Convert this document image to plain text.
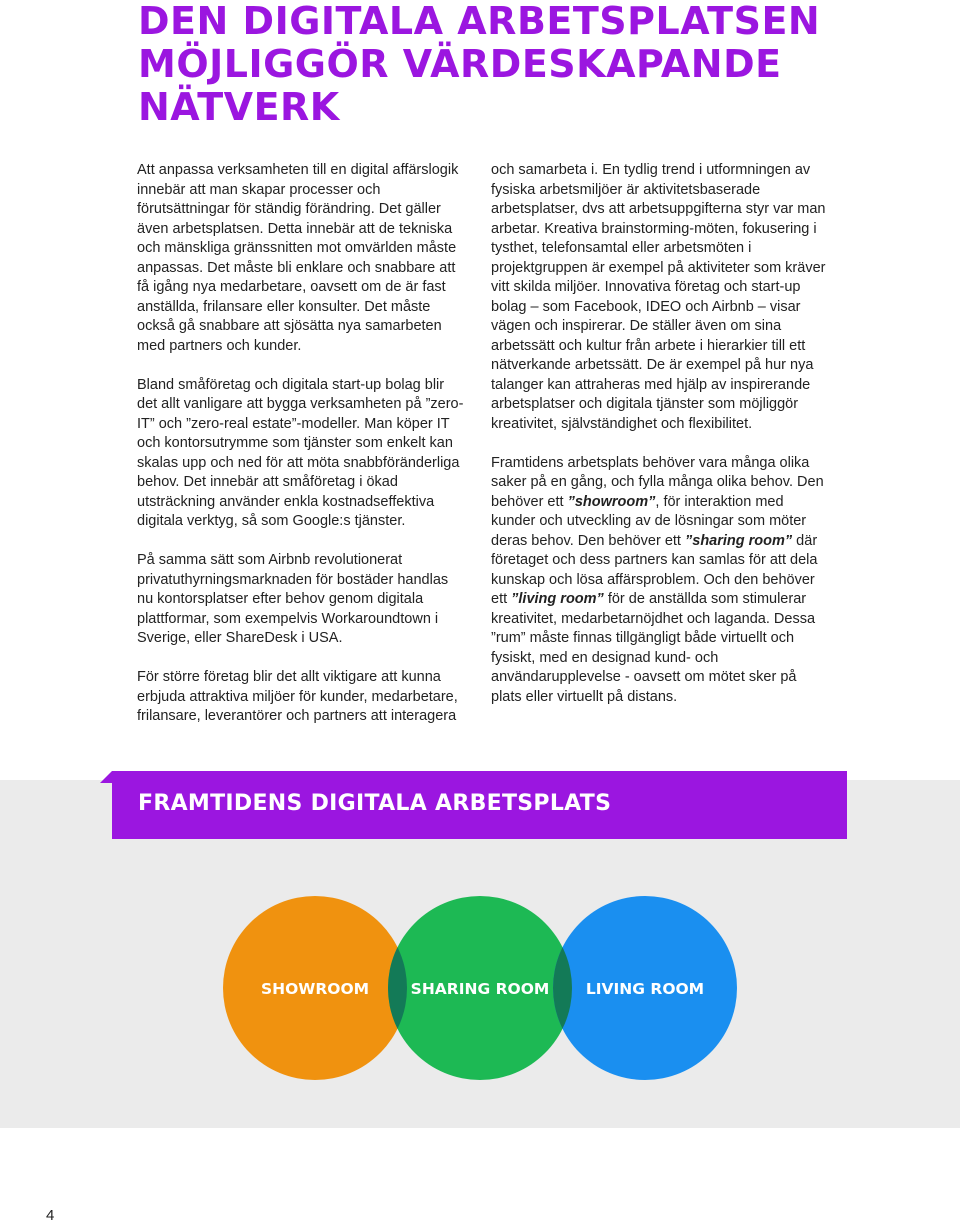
DEN DIGITALA ARBETSPLATSEN
MÖJLIGGÖR VÄRDESKAPANDE
NÄTVERK

Att anpassa verksamheten till en digital affärslogik innebär att man skapar processer och förutsättningar för ständig förändring. Det gäller även arbetsplatsen. Detta innebär att de tekniska och mänskliga gränssnitten mot omvärlden måste anpassas. Det måste bli enklare och snabbare att få igång nya medarbetare, oavsett om de är fast anställda, frilansare eller konsulter. Det måste också gå snabbare att sjösätta nya samarbeten med partners och kunder.

Bland småföretag och digitala start-up bolag blir det allt vanligare att bygga verksamheten på ”zero-IT” och ”zero-real estate”-modeller. Man köper IT och kontorsutrymme som tjänster som enkelt kan skalas upp och ned för att möta snabbföränderliga behov. Det innebär att småföretag i ökad utsträckning använder enkla kostnadseffektiva digitala verktyg, så som Google:s tjänster.

På samma sätt som Airbnb revolutionerat privatuthyrningsmarknaden för bostäder handlas nu kontorsplatser efter behov genom digitala plattformar, som exempelvis Workaroundtown i Sverige, eller ShareDesk i USA.

För större företag blir det allt viktigare att kunna erbjuda attraktiva miljöer för kunder, medarbetare, frilansare, leverantörer och partners att interagera

och samarbeta i. En tydlig trend i utformningen av fysiska arbetsmiljöer är aktivitetsbaserade arbetsplatser, dvs att arbetsuppgifterna styr var man arbetar. Kreativa brainstorming-möten, fokusering i tysthet, telefonsamtal eller arbetsmöten i projektgruppen är exempel på aktiviteter som kräver vitt skilda miljöer. Innovativa företag och start-up bolag – som Facebook, IDEO och Airbnb – visar vägen och inspirerar. De ställer även om sina arbetssätt och kultur från arbete i hierarkier till ett nätverkande arbetssätt. De är exempel på hur nya talanger kan attraheras med hjälp av inspirerande arbetsplatser och digitala tjänster som möjliggör kreativitet, självständighet och flexibilitet.

Framtidens arbetsplats behöver vara många olika saker på en gång, och fylla många olika behov. Den behöver ett ”showroom”, för interaktion med kunder och utveckling av de lösningar som möter deras behov. Den behöver ett ”sharing room” där företaget och dess partners kan samlas för att dela kunskap och lösa affärsproblem. Och den behöver ett ”living room” för de anställda som stimulerar kreativitet, medarbetarnöjdhet och laganda. Dessa ”rum” måste finnas tillgängligt både virtuellt och fysiskt, med en designad kund- och användarupplevelse - oavsett om mötet sker på plats eller virtuellt på distans.

FRAMTIDENS DIGITALA ARBETSPLATS
SHOWROOM	SHARING ROOM LIVING ROOM
4
